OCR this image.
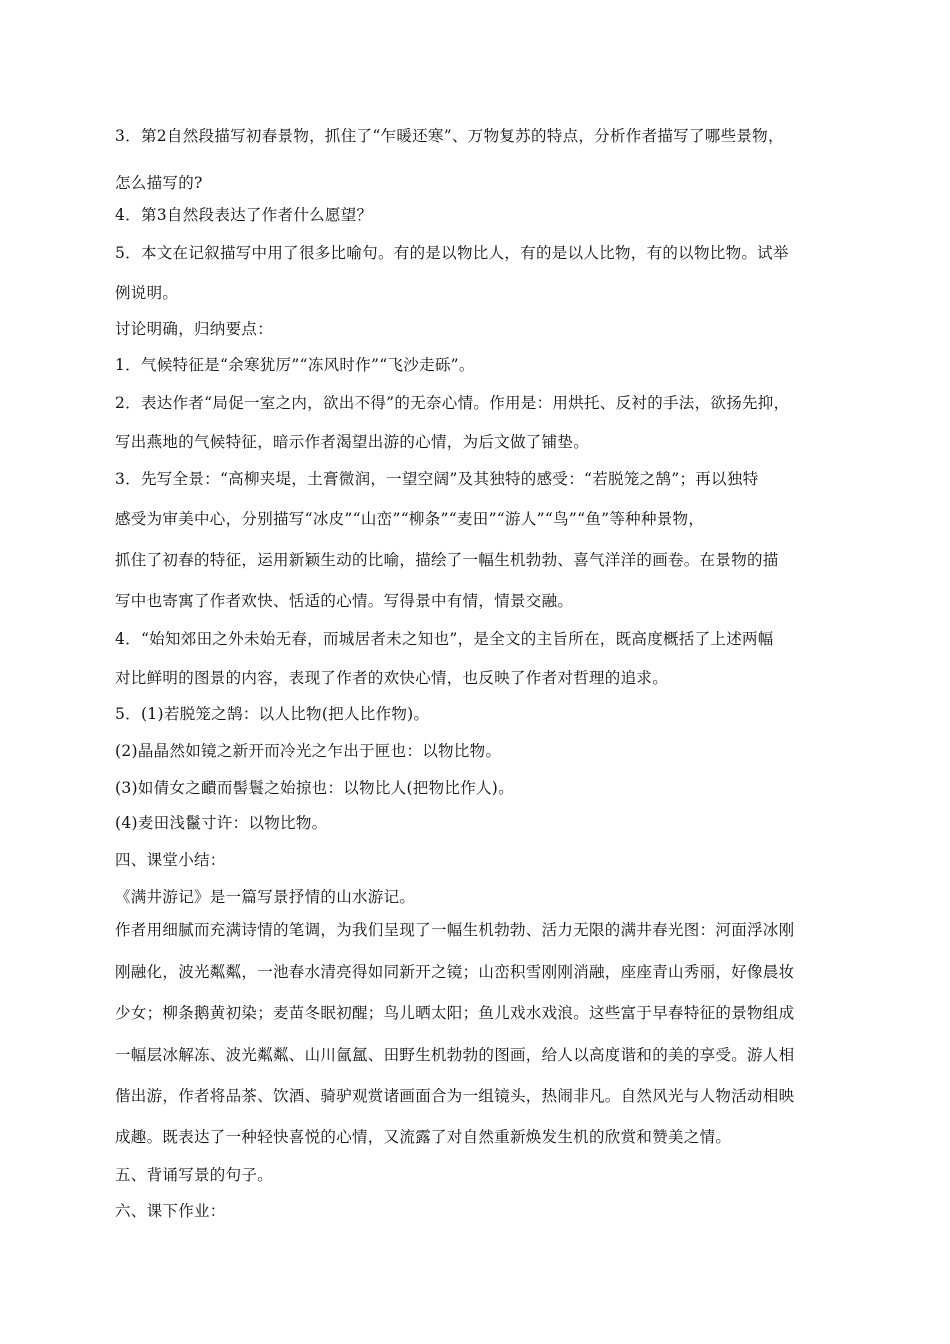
3．第2自然段描写初春景物，抓住了“乍暖还寒”、万物复苏的特点，分析作者描写了哪些景物，
怎么描写的?
4．第3自然段表达了作者什么愿望？
5．本文在记叙描写中用了很多比喻句。有的是以物比人，有的是以人比物，有的以物比物。试举
例说明。
讨论明确，归纳要点：
1．气候特征是“余寒犹厉”“冻风时作”“飞沙走砾”。
2．表达作者“局促一室之内，欲出不得”的无奈心情。作用是：用烘托、反衬的手法，欲扬先抑，
写出燕地的气候特征，暗示作者渴望出游的心情，为后文做了铺垫。
3．先写全景：“高柳夹堤，土膏微润，一望空阔”及其独特的感受：“若脱笼之鹄”；再以独特
感受为审美中心，分别描写“冰皮”“山峦”“柳条”“麦田”“游人”“鸟”“鱼”等种种景物，
抓住了初春的特征，运用新颖生动的比喻，描绘了一幅生机勃勃、喜气洋洋的画卷。在景物的描
写中也寄寓了作者欢快、恬适的心情。写得景中有情，情景交融。
4．“始知郊田之外未始无春，而城居者未之知也”，是全文的主旨所在，既高度概括了上述两幅
对比鲜明的图景的内容，表现了作者的欢快心情，也反映了作者对哲理的追求。
5．(1)若脱笼之鹄：以人比物(把人比作物)。
(2)晶晶然如镜之新开而冷光之乍出于匣也：以物比物。
(3)如倩女之靧而髻鬟之始掠也：以物比人(把物比作人)。
(4)麦田浅鬣寸许：以物比物。
四、课堂小结：
《满井游记》是一篇写景抒情的山水游记。
作者用细腻而充满诗情的笔调，为我们呈现了一幅生机勃勃、活力无限的满井春光图：河面浮冰刚
刚融化，波光粼粼，一池春水清亮得如同新开之镜；山峦积雪刚刚消融，座座青山秀丽，好像晨妆
少女；柳条鹅黄初染；麦苗冬眠初醒；鸟儿晒太阳；鱼儿戏水戏浪。这些富于早春特征的景物组成
一幅层冰解冻、波光粼粼、山川氤氲、田野生机勃勃的图画，给人以高度谐和的美的享受。游人相
偕出游，作者将品茶、饮酒、骑驴观赏诸画面合为一组镜头，热闹非凡。自然风光与人物活动相映
成趣。既表达了一种轻快喜悦的心情，又流露了对自然重新焕发生机的欣赏和赞美之情。
五、背诵写景的句子。
六、课下作业：
